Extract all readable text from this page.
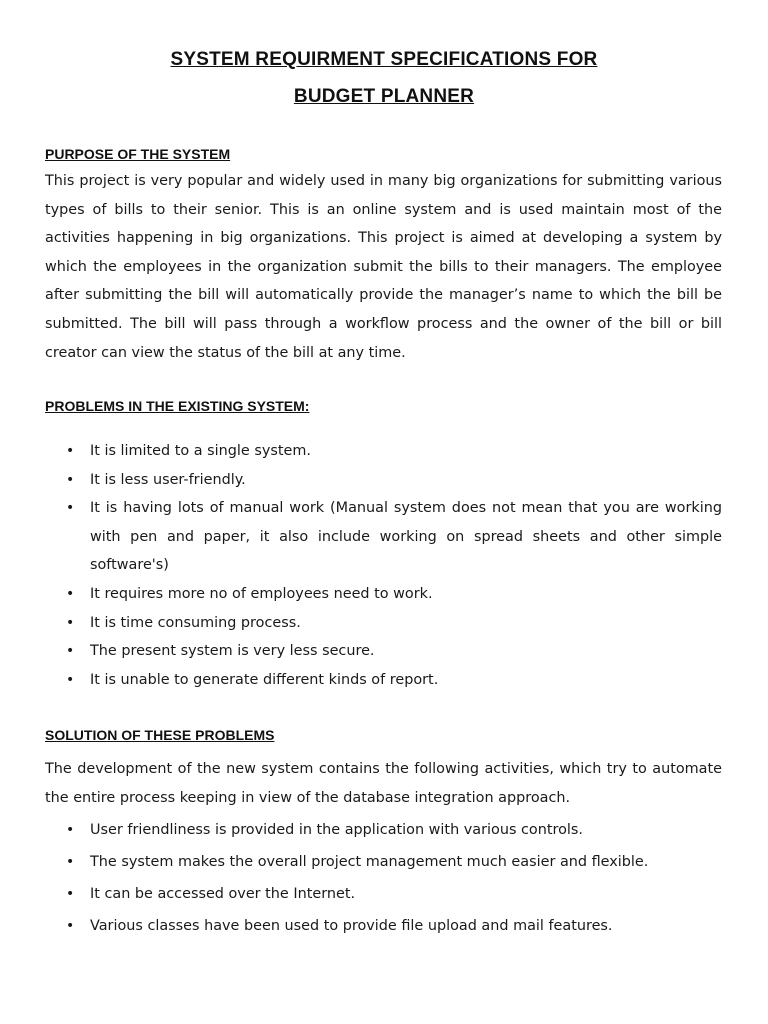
SYSTEM REQUIRMENT SPECIFICATIONS FOR
BUDGET PLANNER
PURPOSE OF THE SYSTEM

This project is very popular and widely used in many big organizations for submitting various types of bills to their senior. This is an online system and is used maintain most of the activities happening in big organizations. This project is aimed at developing a system by which the employees in the organization submit the bills to their managers. The employee after submitting the bill will automatically provide the manager’s name to which the bill be submitted. The bill will pass through a workflow process and the owner of the bill or bill creator can view the status of the bill at any time.

PROBLEMS IN THE EXISTING SYSTEM:
• It is limited to a single system.
• It is less user-friendly.
• It is having lots of manual work (Manual system does not mean that you are working with pen and paper, it also include working on spread sheets and other simple software's)
• It requires more no of employees need to work.
• It is time consuming process.
• The present system is very less secure.
• It is unable to generate different kinds of report.
SOLUTION OF THESE PROBLEMS

The development of the new system contains the following activities, which try to automate the entire process keeping in view of the database integration approach.

• User friendliness is provided in the application with various controls.
• The system makes the overall project management much easier and flexible.
• It can be accessed over the Internet.
• Various classes have been used to provide file upload and mail features.
